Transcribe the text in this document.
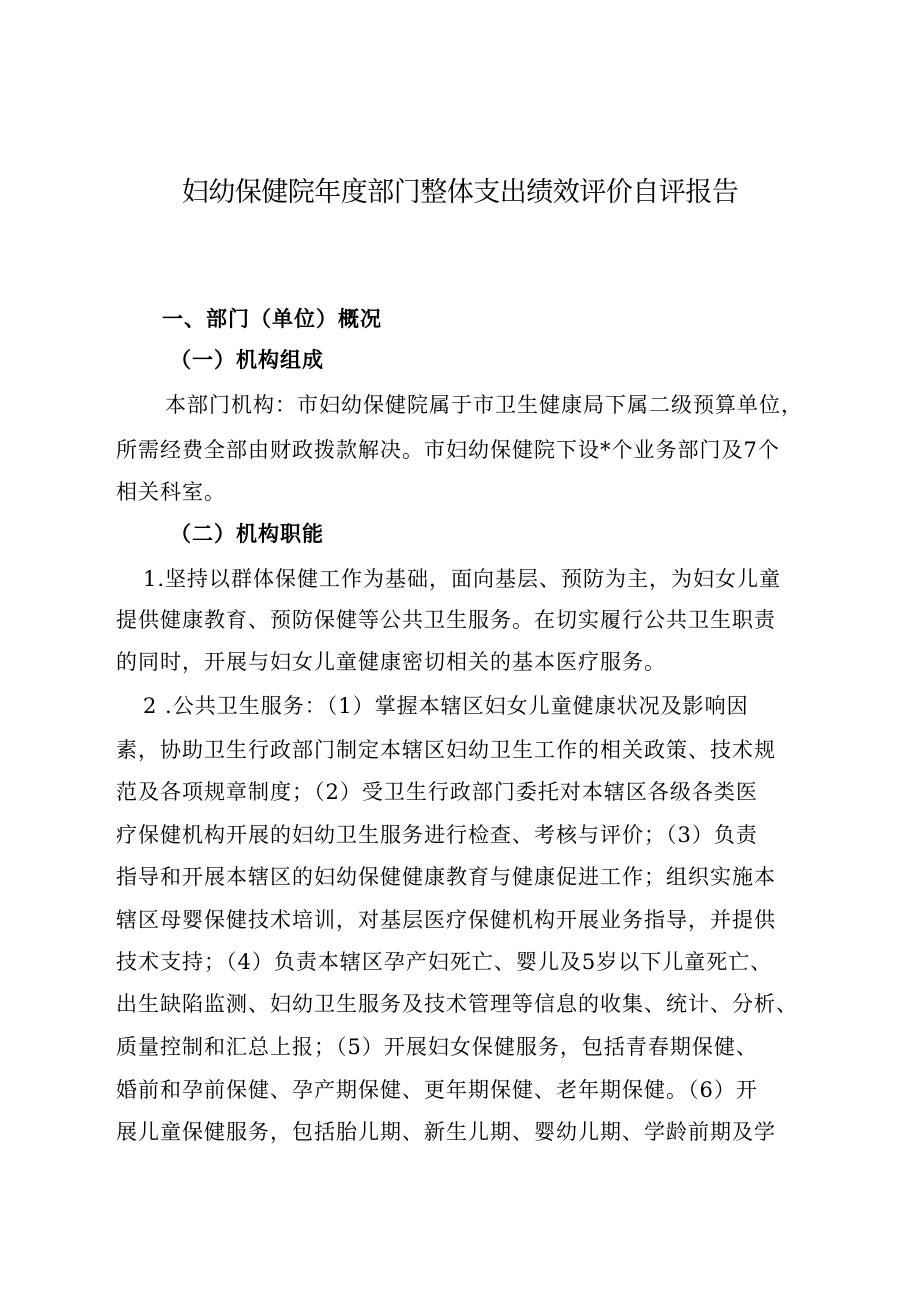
妇幼保健院年度部门整体支出绩效评价自评报告
一、部门（单位）概况
（一）机构组成
本部门机构：市妇幼保健院属于市卫生健康局下属二级预算单位，
所需经费全部由财政拨款解决。市妇幼保健院下设*个业务部门及7个
相关科室。
（二）机构职能
1.坚持以群体保健工作为基础，面向基层、预防为主，为妇女儿童
提供健康教育、预防保健等公共卫生服务。在切实履行公共卫生职责
的同时，开展与妇女儿童健康密切相关的基本医疗服务。
2 .公共卫生服务：（1）掌握本辖区妇女儿童健康状况及影响因
素，协助卫生行政部门制定本辖区妇幼卫生工作的相关政策、技术规
范及各项规章制度；（2）受卫生行政部门委托对本辖区各级各类医
疗保健机构开展的妇幼卫生服务进行检查、考核与评价；（3）负责
指导和开展本辖区的妇幼保健健康教育与健康促进工作；组织实施本
辖区母婴保健技术培训，对基层医疗保健机构开展业务指导，并提供
技术支持；（4）负责本辖区孕产妇死亡、婴儿及5岁以下儿童死亡、
出生缺陷监测、妇幼卫生服务及技术管理等信息的收集、统计、分析、
质量控制和汇总上报；（5）开展妇女保健服务，包括青春期保健、
婚前和孕前保健、孕产期保健、更年期保健、老年期保健。（6）开
展儿童保健服务，包括胎儿期、新生儿期、婴幼儿期、学龄前期及学
